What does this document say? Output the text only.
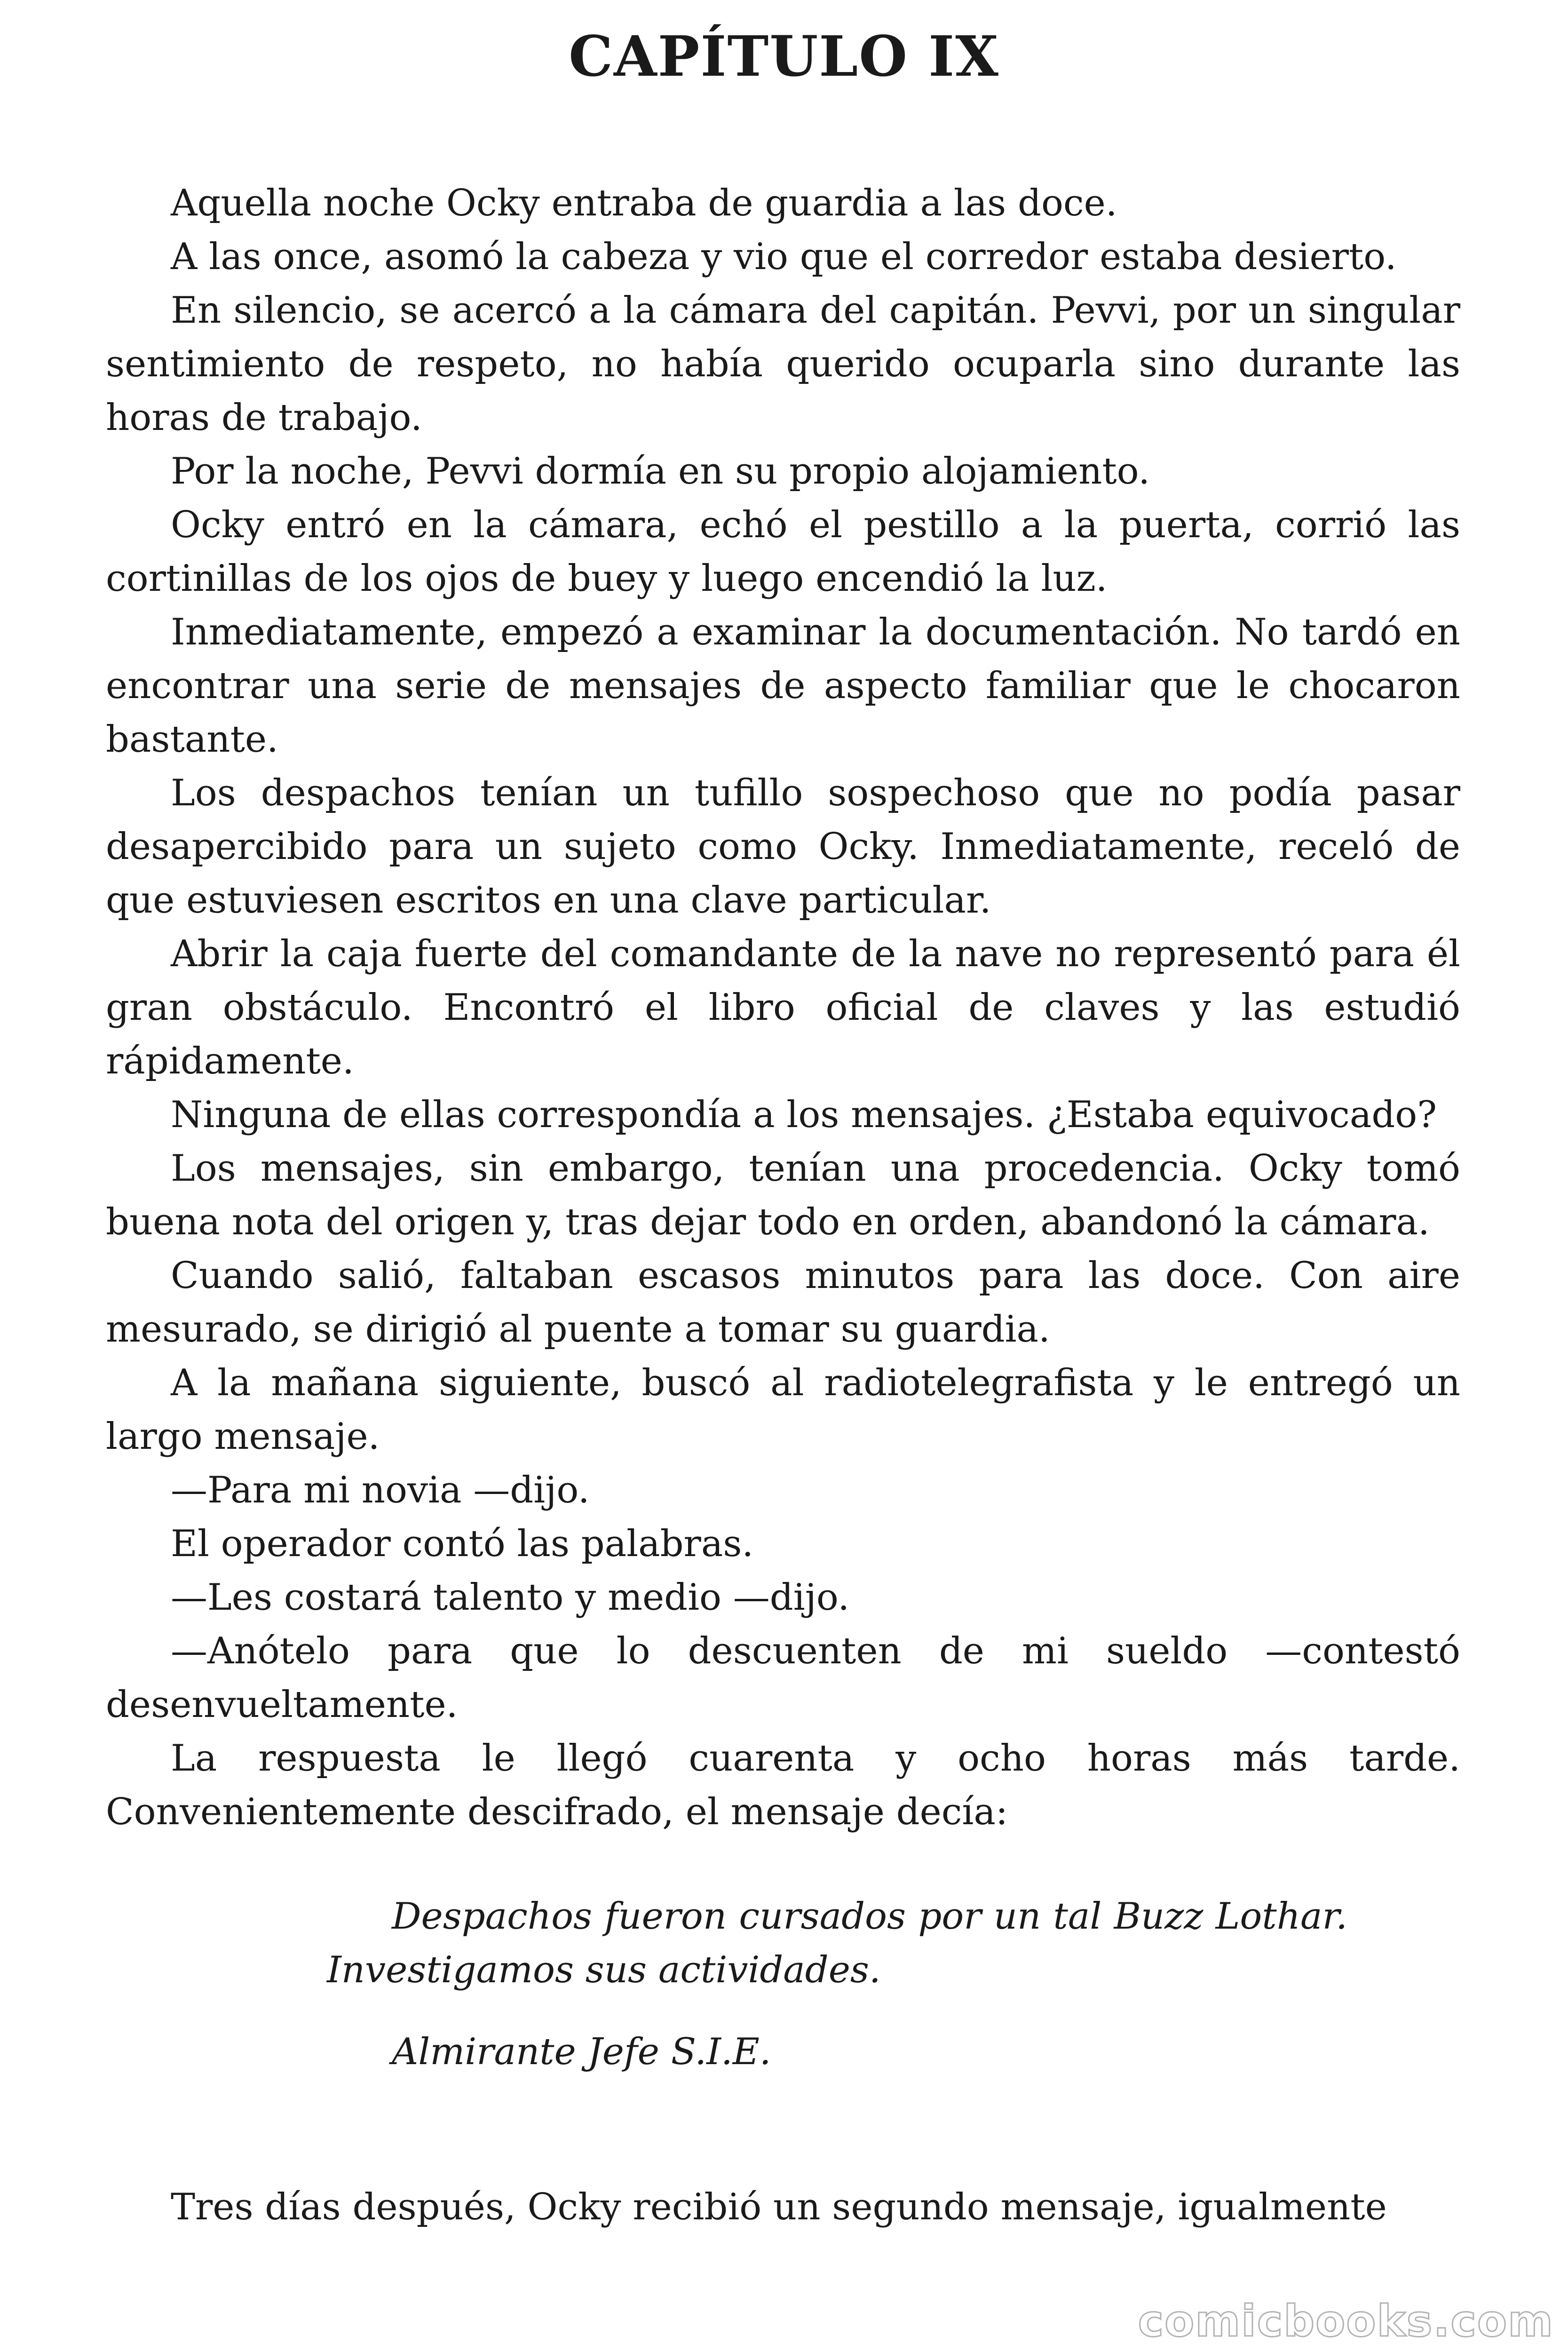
CAPÍTULO IX

Aquella noche Ocky entraba de guardia a las doce.

A las once, asomó la cabeza y vio que el corredor estaba desierto.

En silencio, se acercó a la cámara del capitán. Pevvi, por un singular sentimiento de respeto, no había querido ocuparla sino durante las horas de trabajo.

Por la noche, Pevvi dormía en su propio alojamiento.

Ocky entró en la cámara, echó el pestillo a la puerta, corrió las cortinillas de los ojos de buey y luego encendió la luz.

Inmediatamente, empezó a examinar la documentación. No tardó en encontrar una serie de mensajes de aspecto familiar que le chocaron bastante.

Los despachos tenían un tufillo sospechoso que no podía pasar desapercibido para un sujeto como Ocky. Inmediatamente, receló de que estuviesen escritos en una clave particular.

Abrir la caja fuerte del comandante de la nave no representó para él gran obstáculo. Encontró el libro oficial de claves y las estudió rápidamente.

Ninguna de ellas correspondía a los mensajes. ¿Estaba equivocado?

Los mensajes, sin embargo, tenían una procedencia. Ocky tomó buena nota del origen y, tras dejar todo en orden, abandonó la cámara.

Cuando salió, faltaban escasos minutos para las doce. Con aire mesurado, se dirigió al puente a tomar su guardia.

A la mañana siguiente, buscó al radiotelegrafista y le entregó un largo mensaje.

—Para mi novia —dijo.

El operador contó las palabras.

—Les costará talento y medio —dijo.

—Anótelo para que lo descuenten de mi sueldo —contestó desenvueltamente.

La respuesta le llegó cuarenta y ocho horas más tarde. Convenientemente descifrado, el mensaje decía:

Despachos fueron cursados por un tal Buzz Lothar. Investigamos sus actividades.

Almirante Jefe S.I.E.

Tres días después, Ocky recibió un segundo mensaje, igualmente

comicbooks.com
